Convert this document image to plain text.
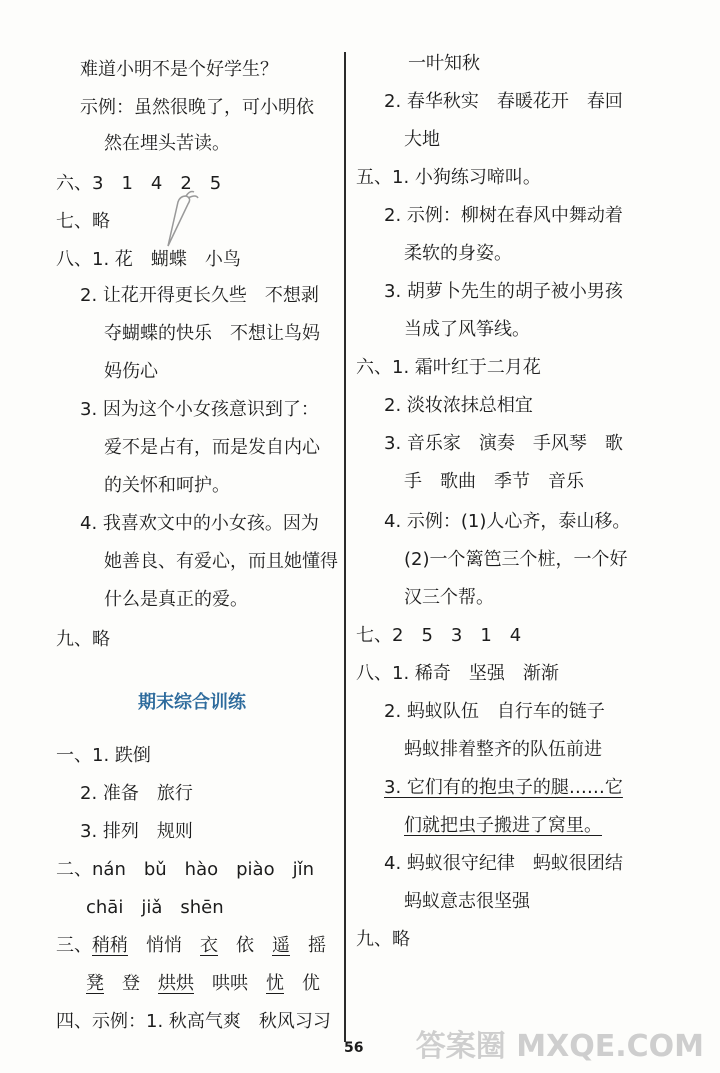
难道小明不是个好学生？
示例：虽然很晚了，可小明依
然在埋头苦读。
六、3　1　4　2　5
七、略
八、1. 花　蝴蝶　小鸟
2. 让花开得更长久些　不想剥
夺蝴蝶的快乐　不想让鸟妈
妈伤心
3. 因为这个小女孩意识到了：
爱不是占有，而是发自内心
的关怀和呵护。
4. 我喜欢文中的小女孩。因为
她善良、有爱心，而且她懂得
什么是真正的爱。
九、略
期末综合训练
一、1. 跌倒
2. 准备　旅行
3. 排列　规则
二、nán　bǔ　hào　piào　jǐn
chāi　jiǎ　shēn
三、稍稍　 悄悄　 衣　 依　 遥　 摇
凳　 登　 烘烘　 哄哄　 忧　 优
四、示例：1. 秋高气爽　秋风习习
一叶知秋
2. 春华秋实　春暖花开　春回
大地
五、1. 小狗练习啼叫。
2. 示例：柳树在春风中舞动着
柔软的身姿。
3. 胡萝卜先生的胡子被小男孩
当成了风筝线。
六、1. 霜叶红于二月花
2. 淡妆浓抹总相宜
3. 音乐家　演奏　手风琴　歌
手　歌曲　季节　音乐
4. 示例：(1)人心齐，泰山移。
(2)一个篱笆三个桩，一个好
汉三个帮。
七、2　5　3　1　4
八、1. 稀奇　坚强　渐渐
2. 蚂蚁队伍　自行车的链子
蚂蚁排着整齐的队伍前进
3. 它们有的抱虫子的腿……它
们就把虫子搬进了窝里。
4. 蚂蚁很守纪律　蚂蚁很团结
蚂蚁意志很坚强
九、略
56 答案圈 MXQE.COM
